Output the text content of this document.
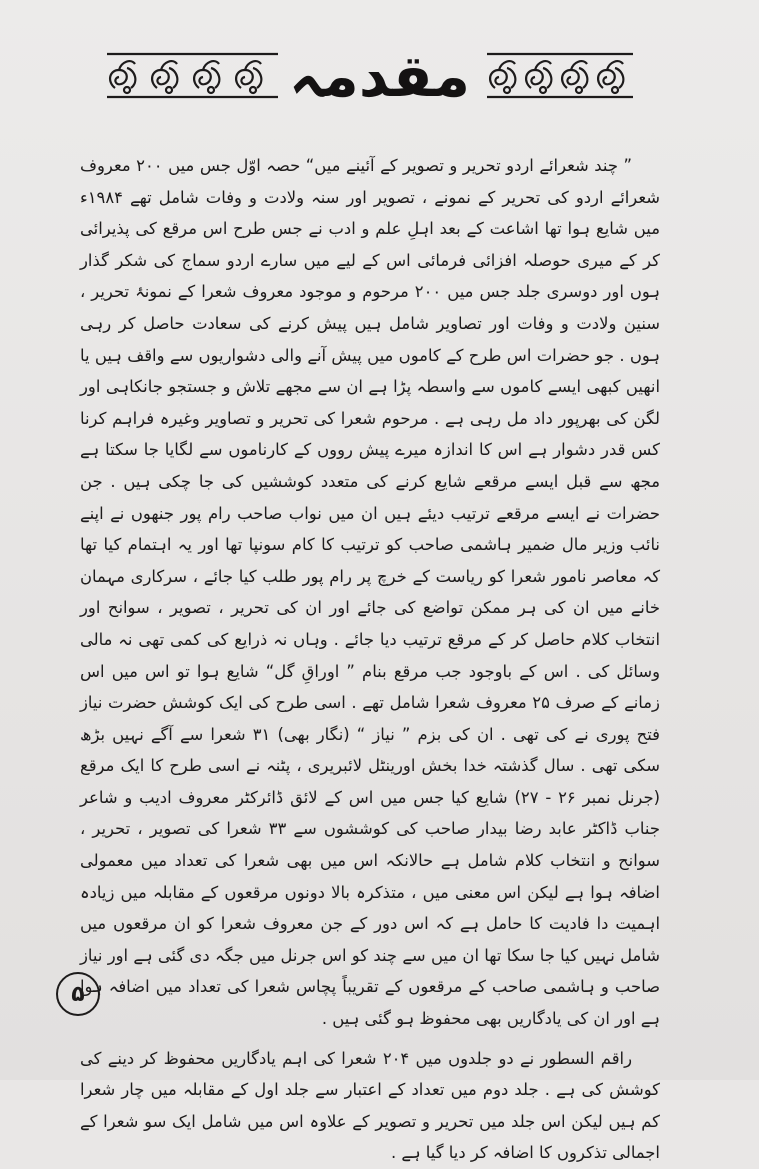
مقدمہ

” چند شعرائے اردو تحریر و تصویر کے آئینے میں“ حصہ اوّل جس میں ۲۰۰ معروف شعرائے اردو کی تحریر کے نمونے ، تصویر اور سنہ ولادت و وفات شامل تھے ۱۹۸۴ء میں شایع ہوا تھا اشاعت کے بعد اہلِ علم و ادب نے جس طرح اس مرقع کی پذیرائی کر کے میری حوصلہ افزائی فرمائی اس کے لیے میں سارے اردو سماج کی شکر گذار ہوں اور دوسری جلد جس میں ۲۰۰ مرحوم و موجود معروف شعرا کے نمونۂ تحریر ، سنین ولادت و وفات اور تصاویر شامل ہیں پیش کرنے کی سعادت حاصل کر رہی ہوں . جو حضرات اس طرح کے کاموں میں پیش آنے والی دشواریوں سے واقف ہیں یا انھیں کبھی ایسے کاموں سے واسطہ پڑا ہے ان سے مجھے تلاش و جستجو جانکاہی اور لگن کی بھرپور داد مل رہی ہے . مرحوم شعرا کی تحریر و تصاویر وغیرہ فراہم کرنا کس قدر دشوار ہے اس کا اندازہ میرے پیش رووں کے کارناموں سے لگایا جا سکتا ہے مجھ سے قبل ایسے مرقعے شایع کرنے کی متعدد کوششیں کی جا چکی ہیں . جن حضرات نے ایسے مرقعے ترتیب دیئے ہیں ان میں نواب صاحب رام پور جنھوں نے اپنے نائب وزیر مال ضمیر ہاشمی صاحب کو ترتیب کا کام سونپا تھا اور یہ اہتمام کیا تھا کہ معاصر نامور شعرا کو ریاست کے خرچ پر رام پور طلب کیا جائے ، سرکاری مہمان خانے میں ان کی ہر ممکن تواضع کی جائے اور ان کی تحریر ، تصویر ، سوانح اور انتخاب کلام حاصل کر کے مرقع ترتیب دیا جائے . وہاں نہ ذرایع کی کمی تھی نہ مالی وسائل کی . اس کے باوجود جب مرقع بنام ” اوراقِ گل“ شایع ہوا تو اس میں اس زمانے کے صرف ۲۵ معروف شعرا شامل تھے . اسی طرح کی ایک کوشش حضرت نیاز فتح پوری نے کی تھی . ان کی بزم ” نیاز “ (نگار بھی) ۳۱ شعرا سے آگے نہیں بڑھ سکی تھی . سال گذشتہ خدا بخش اورینٹل لائبریری ، پٹنہ نے اسی طرح کا ایک مرقع (جرنل نمبر ۲۶ - ۲۷) شایع کیا جس میں اس کے لائق ڈائرکٹر معروف ادیب و شاعر جناب ڈاکٹر عابد رضا بیدار صاحب کی کوششوں سے ۳۳ شعرا کی تصویر ، تحریر ، سوانح و انتخاب کلام شامل ہے حالانکہ اس میں بھی شعرا کی تعداد میں معمولی اضافہ ہوا ہے لیکن اس معنی میں ، متذکرہ بالا دونوں مرقعوں کے مقابلہ میں زیادہ اہمیت دا فادیت کا حامل ہے کہ اس دور کے جن معروف شعرا کو ان مرقعوں میں شامل نہیں کیا جا سکا تھا ان میں سے چند کو اس جرنل میں جگہ دی گئی ہے اور نیاز صاحب و ہاشمی صاحب کے مرقعوں کے تقریباً پچاس شعرا کی تعداد میں اضافہ ہوا ہے اور ان کی یادگاریں بھی محفوظ ہو گئی ہیں .

راقم السطور نے دو جلدوں میں ۲۰۴ شعرا کی اہم یادگاریں محفوظ کر دینے کی کوشش کی ہے . جلد دوم میں تعداد کے اعتبار سے جلد اول کے مقابلہ میں چار شعرا کم ہیں لیکن اس جلد میں تحریر و تصویر کے علاوہ اس میں شامل ایک سو شعرا کے اجمالی تذکروں کا اضافہ کر دیا گیا ہے .

۵
